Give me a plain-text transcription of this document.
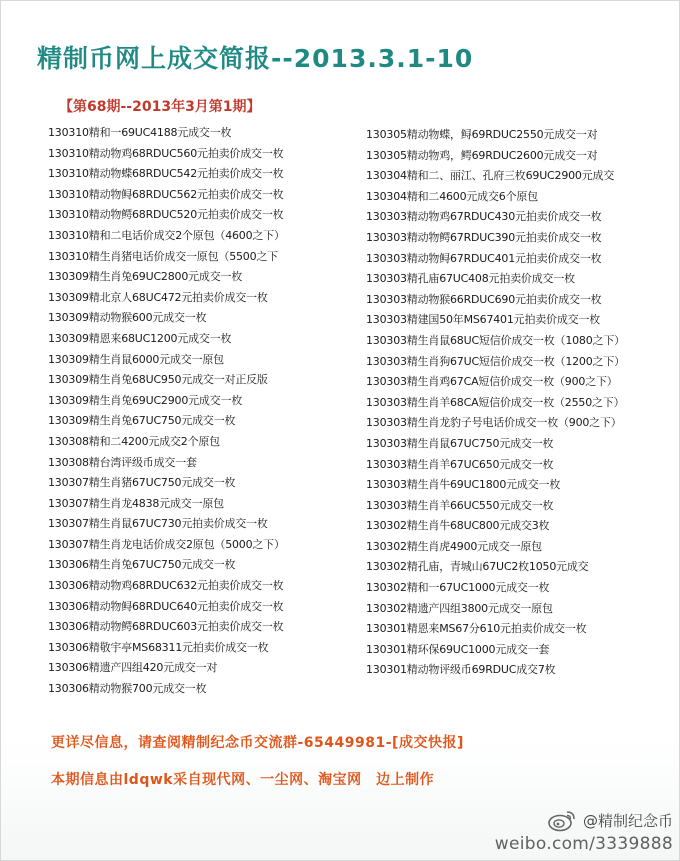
精制币网上成交简报--2013.3.1-10
【第68期--2013年3月第1期】
130310精和一69UC4188元成交一枚
130310精动物鸡68RDUC560元拍卖价成交一枚
130310精动物蝶68RDUC542元拍卖价成交一枚
130310精动物鲟68RDUC562元拍卖价成交一枚
130310精动物鳄68RDUC520元拍卖价成交一枚
130310精和二电话价成交2个原包（4600之下）
130310精生肖猪电话价成交一原包（5500之下
130309精生肖兔69UC2800元成交一枚
130309精北京人68UC472元拍卖价成交一枚
130309精动物猴600元成交一枚
130309精恩来68UC1200元成交一枚
130309精生肖鼠6000元成交一原包
130309精生肖兔68UC950元成交一对正反版
130309精生肖兔69UC2900元成交一枚
130309精生肖兔67UC750元成交一枚
130308精和二4200元成交2个原包
130308精台湾评级币成交一套
130307精生肖猪67UC750元成交一枚
130307精生肖龙4838元成交一原包
130307精生肖鼠67UC730元拍卖价成交一枚
130307精生肖龙电话价成交2原包（5000之下）
130306精生肖兔67UC750元成交一枚
130306精动物鸡68RDUC632元拍卖价成交一枚
130306精动物鲟68RDUC640元拍卖价成交一枚
130306精动物鳄68RDUC603元拍卖价成交一枚
130306精敬宇亭MS68311元拍卖价成交一枚
130306精遗产四组420元成交一对
130306精动物猴700元成交一枚
130305精动物蝶，鲟69RDUC2550元成交一对
130305精动物鸡，鳄69RDUC2600元成交一对
130304精和二、丽江、孔府三枚69UC2900元成交
130304精和二4600元成交6个原包
130303精动物鸡67RDUC430元拍卖价成交一枚
130303精动物鳄67RDUC390元拍卖价成交一枚
130303精动物鲟67RDUC401元拍卖价成交一枚
130303精孔庙67UC408元拍卖价成交一枚
130303精动物猴66RDUC690元拍卖价成交一枚
130303精建国50年MS67401元拍卖价成交一枚
130303精生肖鼠68UC短信价成交一枚（1080之下）
130303精生肖狗67UC短信价成交一枚（1200之下）
130303精生肖鸡67CA短信价成交一枚（900之下）
130303精生肖羊68CA短信价成交一枚（2550之下）
130303精生肖龙豹子号电话价成交一枚（900之下）
130303精生肖鼠67UC750元成交一枚
130303精生肖羊67UC650元成交一枚
130303精生肖牛69UC1800元成交一枚
130303精生肖羊66UC550元成交一枚
130302精生肖牛68UC800元成交3枚
130302精生肖虎4900元成交一原包
130302精孔庙，青城山67UC2枚1050元成交
130302精和一67UC1000元成交一枚
130302精遗产四组3800元成交一原包
130301精恩来MS67分610元拍卖价成交一枚
130301精环保69UC1000元成交一套
130301精动物评级币69RDUC成交7枚
更详尽信息，请查阅精制纪念币交流群-65449981-[成交快报]
本期信息由ldqwk采自现代网、一尘网、淘宝网　边上制作
@精制纪念币
weibo.com/3339888
